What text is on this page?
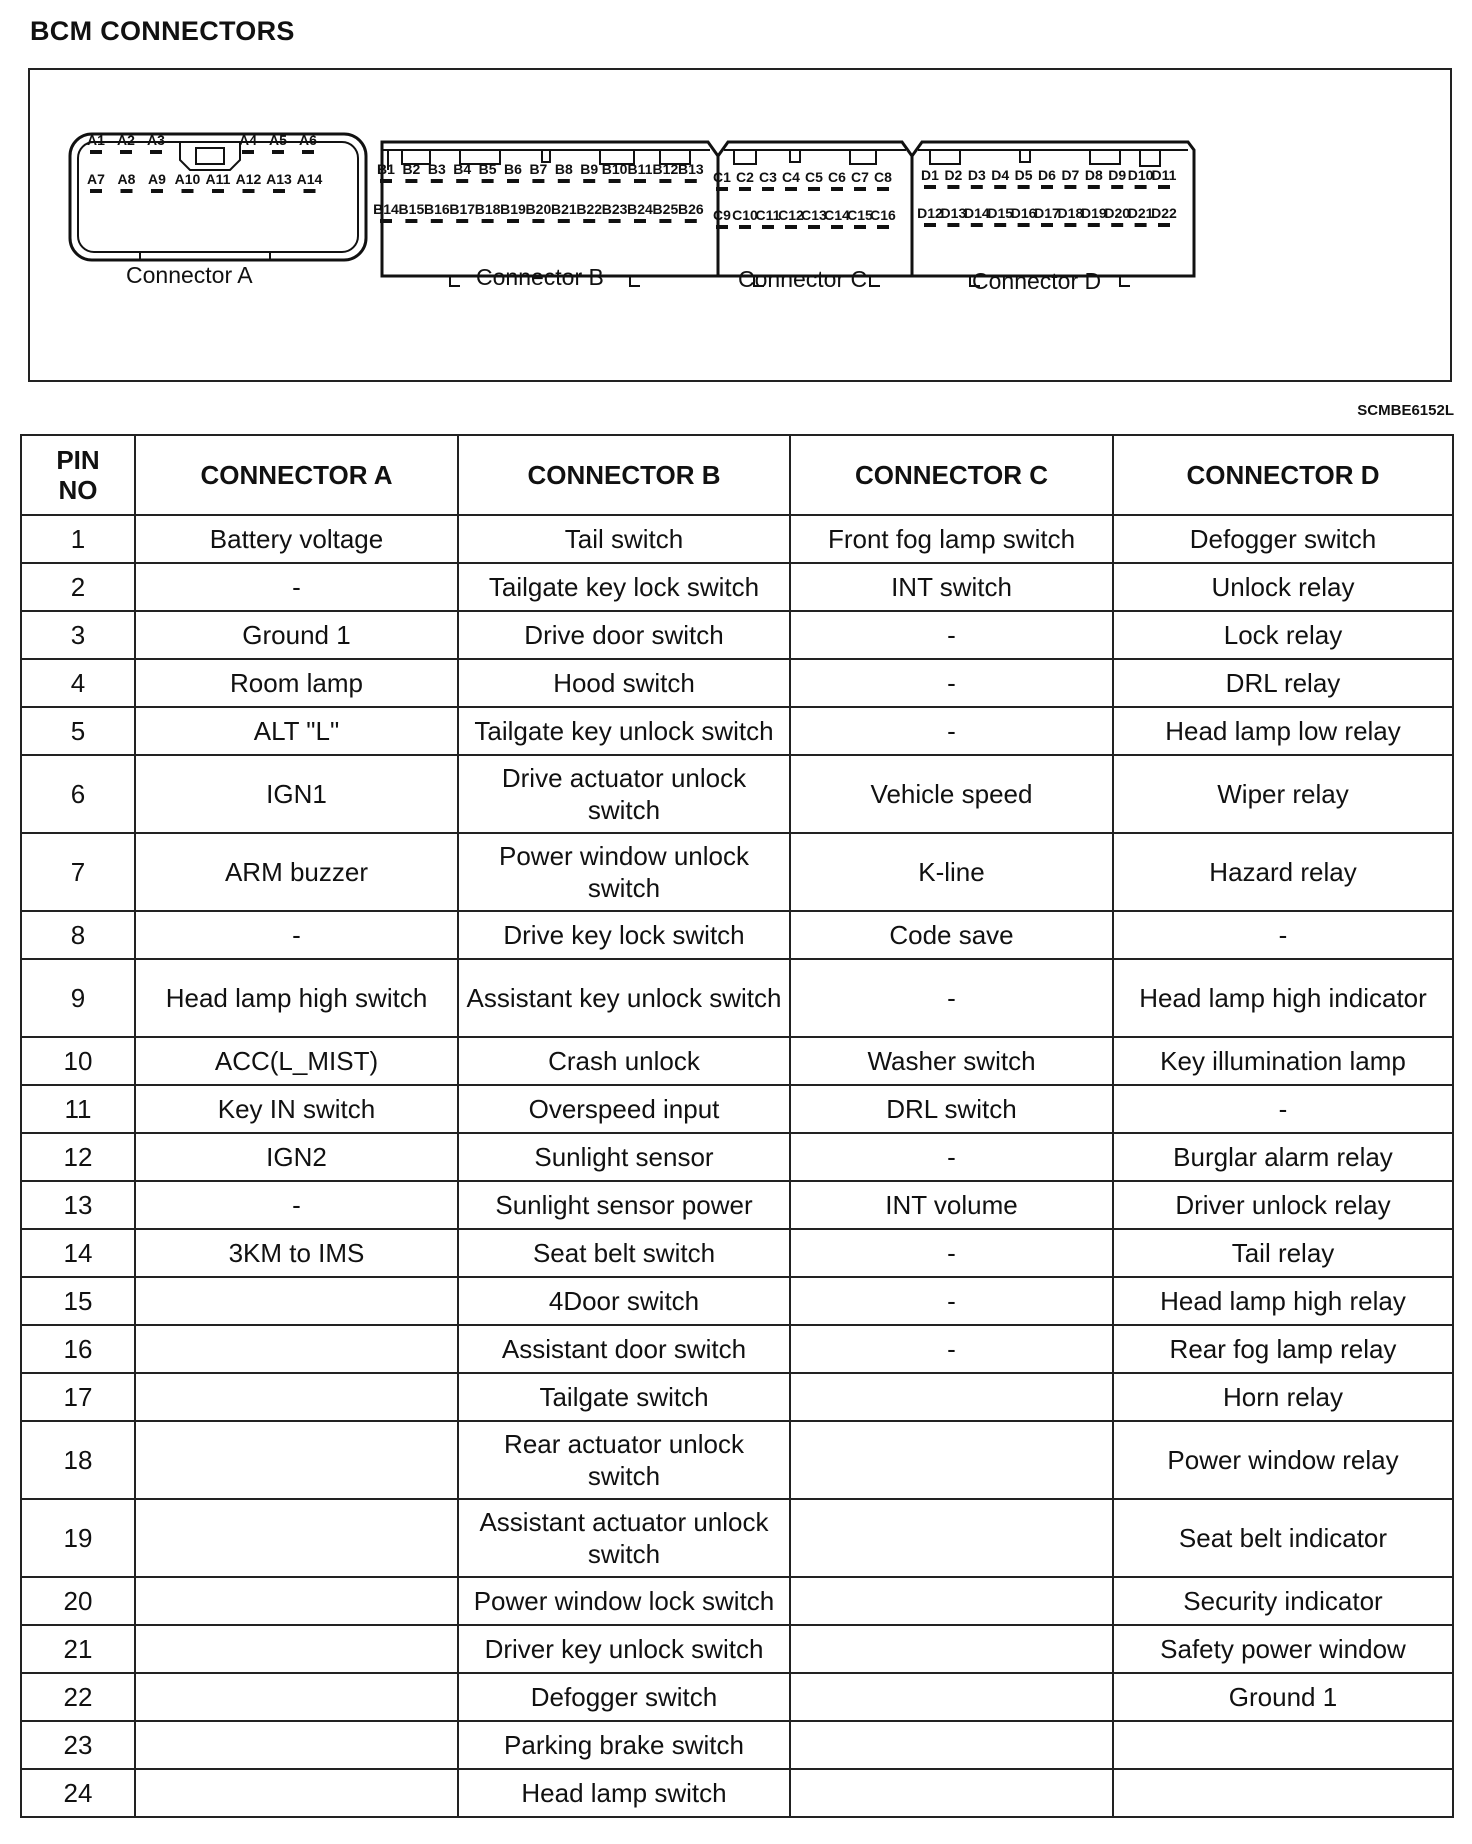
BCM CONNECTORS
A1 A2 A3	A4 A5 A6
A7 A8 A9 A10 A11 A12 A13 A14
B1 B2 B3 B4 B5 B6 B7 B8 B9 B10 B11 B12 B13
B14 B15 B16 B17 B18 B19 B20 B21 B22 B23 B24 B25 B26
C1 C2 C3 C4 C5 C6 C7 C8
C9 C10
C11
C12
C13
C14
C15
C16
D1 D2 D3 D4 D5 D6 D7 D8 D9 D10
D11
D12
D13
D14
D15
D16
D17
D18
D19
D20
D21
D22
Connector A	Connector B	Connector C	Connector D
SCMBE6152L
PIN
NO	CONNECTOR A	CONNECTOR B	CONNECTOR C	CONNECTOR D
1	Battery voltage	Tail switch	Front fog lamp switch	Defogger switch
2	-	Tailgate key lock switch	INT switch	Unlock relay
3	Ground 1	Drive door switch	-	Lock relay
4	Room lamp	Hood switch	-	DRL relay
5	ALT "L"	Tailgate key unlock switch	-	Head lamp low relay
6	IGN1	Drive actuator unlock switch	Vehicle speed	Wiper relay
7	ARM buzzer	Power window unlock switch	K-line	Hazard relay
8	-	Drive key lock switch	Code save	-
9	Head lamp high switch	Assistant key unlock switch	-	Head lamp high indicator
10	ACC(L_MIST)	Crash unlock	Washer switch	Key illumination lamp
11	Key IN switch	Overspeed input	DRL switch	-
12	IGN2	Sunlight sensor	-	Burglar alarm relay
13	-	Sunlight sensor power	INT volume	Driver unlock relay
14	3KM to IMS	Seat belt switch	-	Tail relay
15		4Door switch	-	Head lamp high relay
16		Assistant door switch	-	Rear fog lamp relay
17		Tailgate switch		Horn relay
18		Rear actuator unlock switch		Power window relay
19		Assistant actuator unlock switch		Seat belt indicator
20		Power window lock switch		Security indicator
21		Driver key unlock switch		Safety power window
22		Defogger switch		Ground 1
23		Parking brake switch		
24		Head lamp switch		
